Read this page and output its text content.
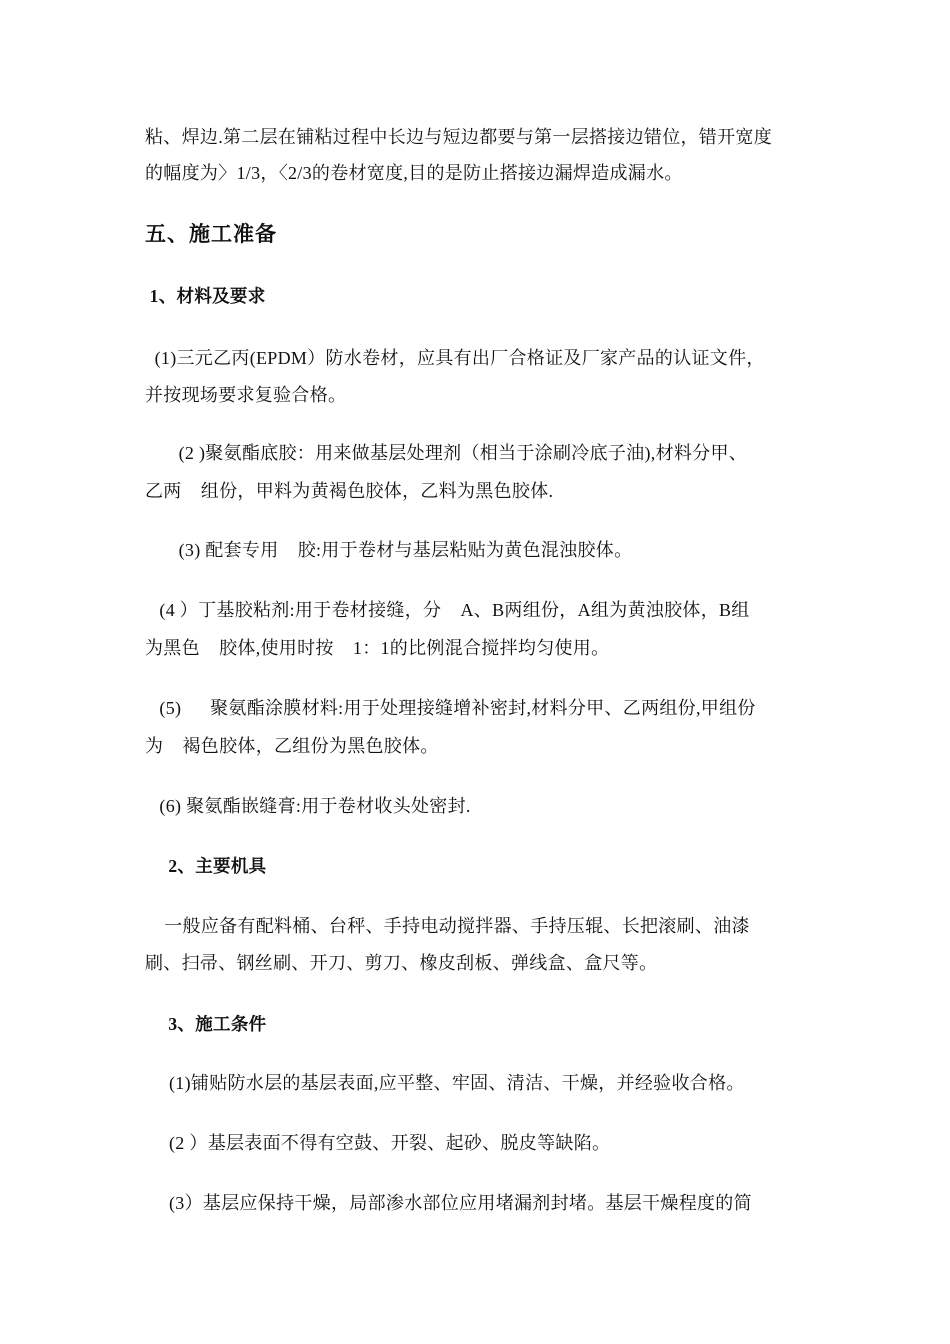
粘、焊边.第二层在铺粘过程中长边与短边都要与第一层搭接边错位，错开宽度
的幅度为〉1/3，〈2/3的卷材宽度,目的是防止搭接边漏焊造成漏水。
五、施工准备
1、材料及要求
(1)三元乙丙(EPDM）防水卷材，应具有出厂合格证及厂家产品的认证文件，
并按现场要求复验合格。
(2 )聚氨酯底胶：用来做基层处理剂（相当于涂刷冷底子油),材料分甲、
乙两    组份，甲料为黄褐色胶体，乙料为黑色胶体.
(3) 配套专用    胶:用于卷材与基层粘贴为黄色混浊胶体。
(4 ）丁基胶粘剂:用于卷材接缝，分    A、B两组份，A组为黄浊胶体，B组
为黑色    胶体,使用时按    1：1的比例混合搅拌均匀使用。
(5)      聚氨酯涂膜材料:用于处理接缝增补密封,材料分甲、乙两组份,甲组份
为    褐色胶体，乙组份为黑色胶体。
(6) 聚氨酯嵌缝膏:用于卷材收头处密封.
2、主要机具
一般应备有配料桶、台秤、手持电动搅拌器、手持压辊、长把滚刷、油漆
刷、扫帚、钢丝刷、开刀、剪刀、橡皮刮板、弹线盒、盒尺等。
3、施工条件
(1)铺贴防水层的基层表面,应平整、牢固、清洁、干燥，并经验收合格。
(2 ）基层表面不得有空鼓、开裂、起砂、脱皮等缺陷。
(3）基层应保持干燥，局部渗水部位应用堵漏剂封堵。基层干燥程度的简
